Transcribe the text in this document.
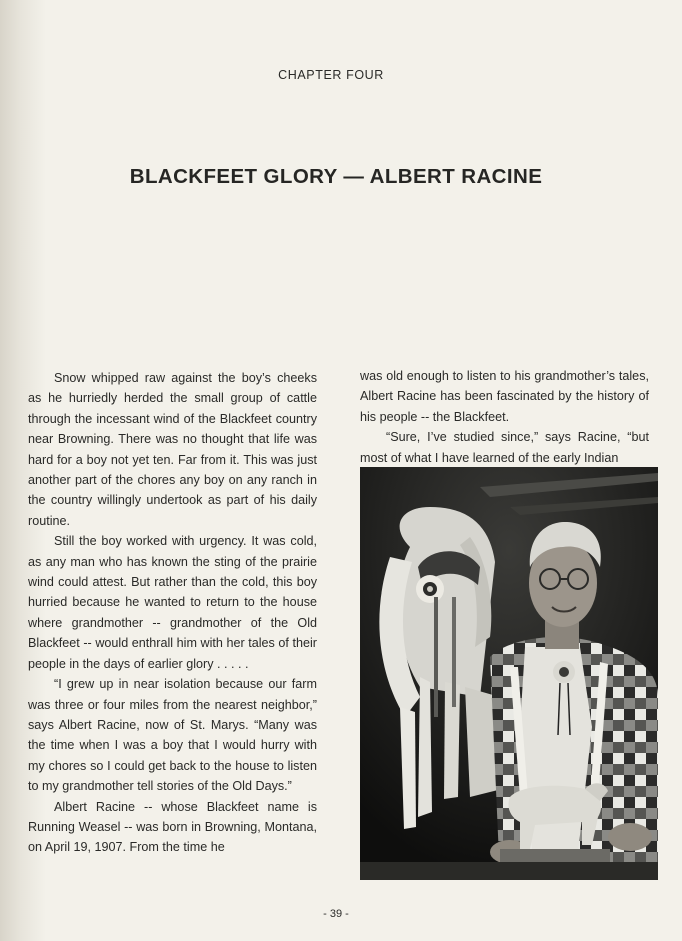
CHAPTER FOUR
BLACKFEET GLORY — ALBERT RACINE

Snow whipped raw against the boy’s cheeks as he hurriedly herded the small group of cattle through the incessant wind of the Blackfeet country near Browning. There was no thought that life was hard for a boy not yet ten. Far from it. This was just another part of the chores any boy on any ranch in the country willingly undertook as part of his daily routine.

Still the boy worked with urgency. It was cold, as any man who has known the sting of the prairie wind could attest. But rather than the cold, this boy hurried because he wanted to return to the house where grandmother -- grandmother of the Old Blackfeet -- would enthrall him with her tales of their people in the days of earlier glory . . . . .

“I grew up in near isolation because our farm was three or four miles from the nearest neighbor,” says Albert Racine, now of St. Marys. “Many was the time when I was a boy that I would hurry with my chores so I could get back to the house to listen to my grandmother tell stories of the Old Days.”

Albert Racine -- whose Blackfeet name is Running Weasel -- was born in Browning, Montana, on April 19, 1907. From the time he

was old enough to listen to his grandmother’s tales, Albert Racine has been fascinated by the history of his people -- the Blackfeet.

“Sure, I’ve studied since,” says Racine, “but most of what I have learned of the early Indian

- 39 -
